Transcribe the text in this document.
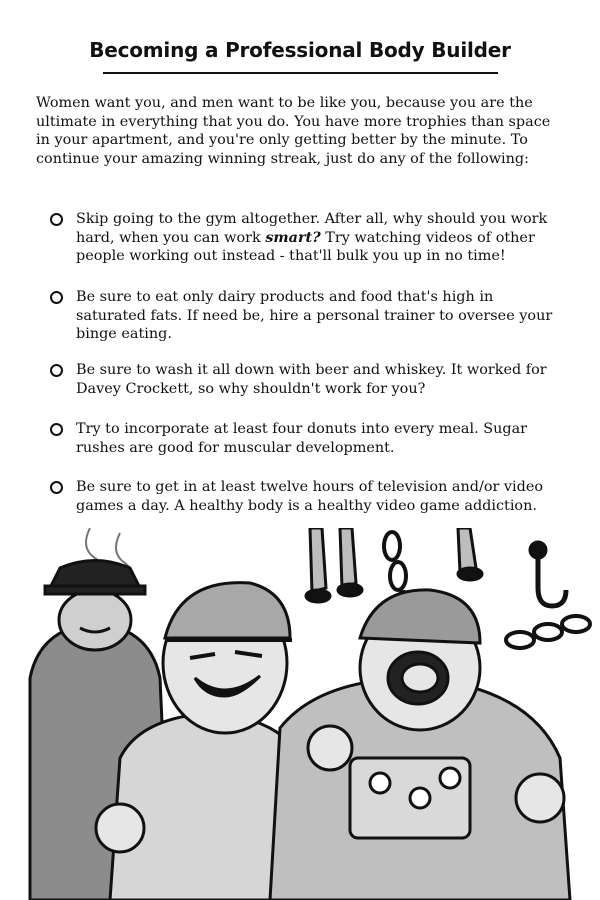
Becoming a Professional Body Builder
Women want you, and men want to be like you, because you are the ultimate in everything that you do. You have more trophies than space in your apartment, and you're only getting better by the minute. To continue your amazing winning streak, just do any of the following:
Skip going to the gym altogether. After all, why should you work hard, when you can work smart? Try watching videos of other people working out instead - that'll bulk you up in no time!
Be sure to eat only dairy products and food that's high in saturated fats. If need be, hire a personal trainer to oversee your binge eating.
Be sure to wash it all down with beer and whiskey. It worked for Davey Crockett, so why shouldn't work for you?
Try to incorporate at least four donuts into every meal. Sugar rushes are good for muscular development.
Be sure to get in at least twelve hours of television and/or video games a day. A healthy body is a healthy video game addiction.
